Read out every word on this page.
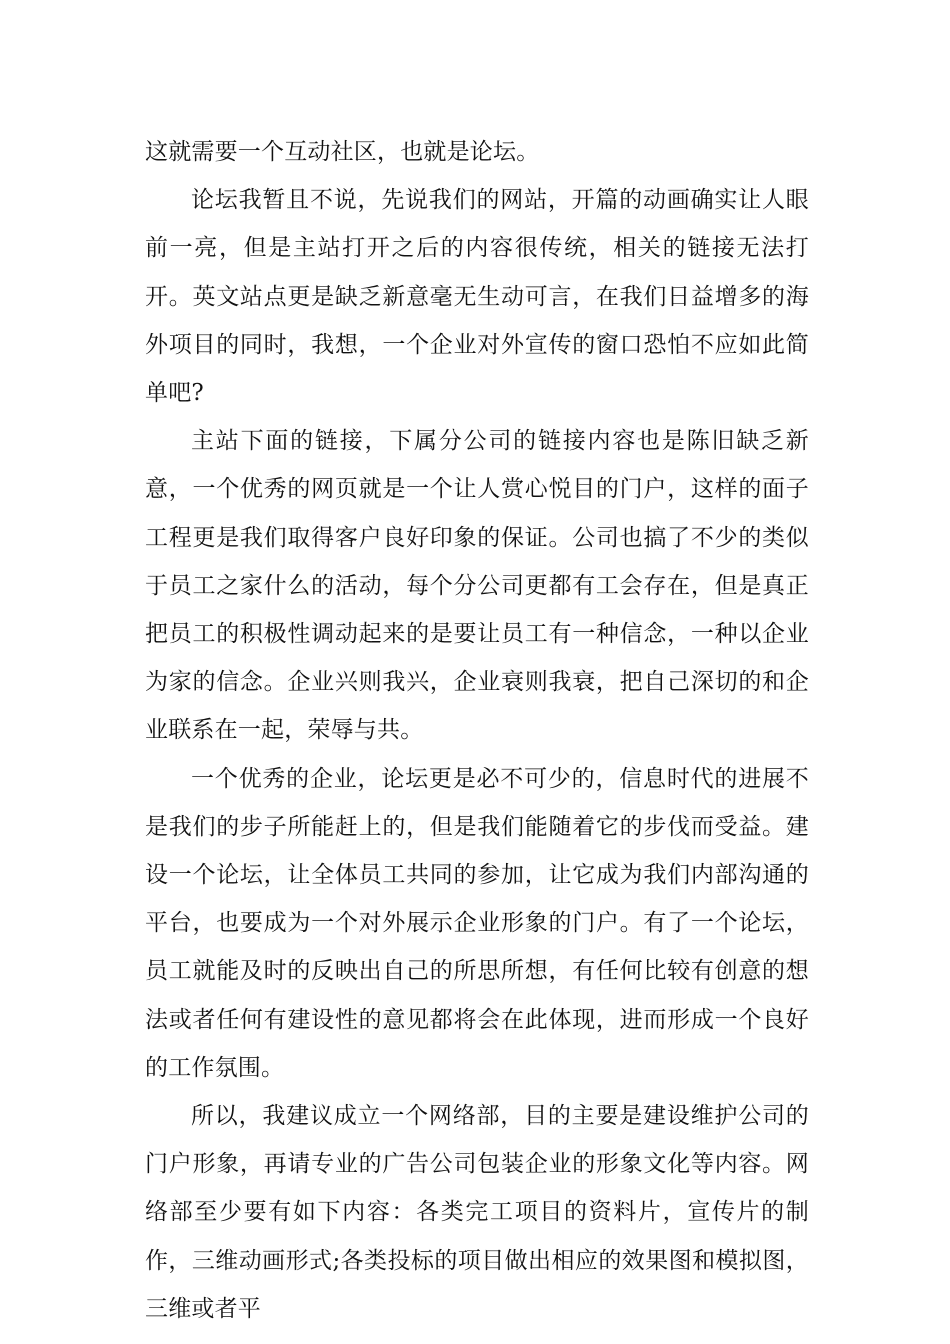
这就需要一个互动社区，也就是论坛。

论坛我暂且不说，先说我们的网站，开篇的动画确实让人眼前一亮，但是主站打开之后的内容很传统，相关的链接无法打开。英文站点更是缺乏新意毫无生动可言，在我们日益增多的海外项目的同时，我想，一个企业对外宣传的窗口恐怕不应如此简单吧?

主站下面的链接，下属分公司的链接内容也是陈旧缺乏新意，一个优秀的网页就是一个让人赏心悦目的门户，这样的面子工程更是我们取得客户良好印象的保证。公司也搞了不少的类似于员工之家什么的活动，每个分公司更都有工会存在，但是真正把员工的积极性调动起来的是要让员工有一种信念，一种以企业为家的信念。企业兴则我兴，企业衰则我衰，把自己深切的和企业联系在一起，荣辱与共。

一个优秀的企业，论坛更是必不可少的，信息时代的进展不是我们的步子所能赶上的，但是我们能随着它的步伐而受益。建设一个论坛，让全体员工共同的参加，让它成为我们内部沟通的平台，也要成为一个对外展示企业形象的门户。有了一个论坛，员工就能及时的反映出自己的所思所想，有任何比较有创意的想法或者任何有建设性的意见都将会在此体现，进而形成一个良好的工作氛围。

所以，我建议成立一个网络部，目的主要是建设维护公司的门户形象，再请专业的广告公司包装企业的形象文化等内容。网络部至少要有如下内容：各类完工项目的资料片，宣传片的制作，三维动画形式;各类投标的项目做出相应的效果图和模拟图，三维或者平
